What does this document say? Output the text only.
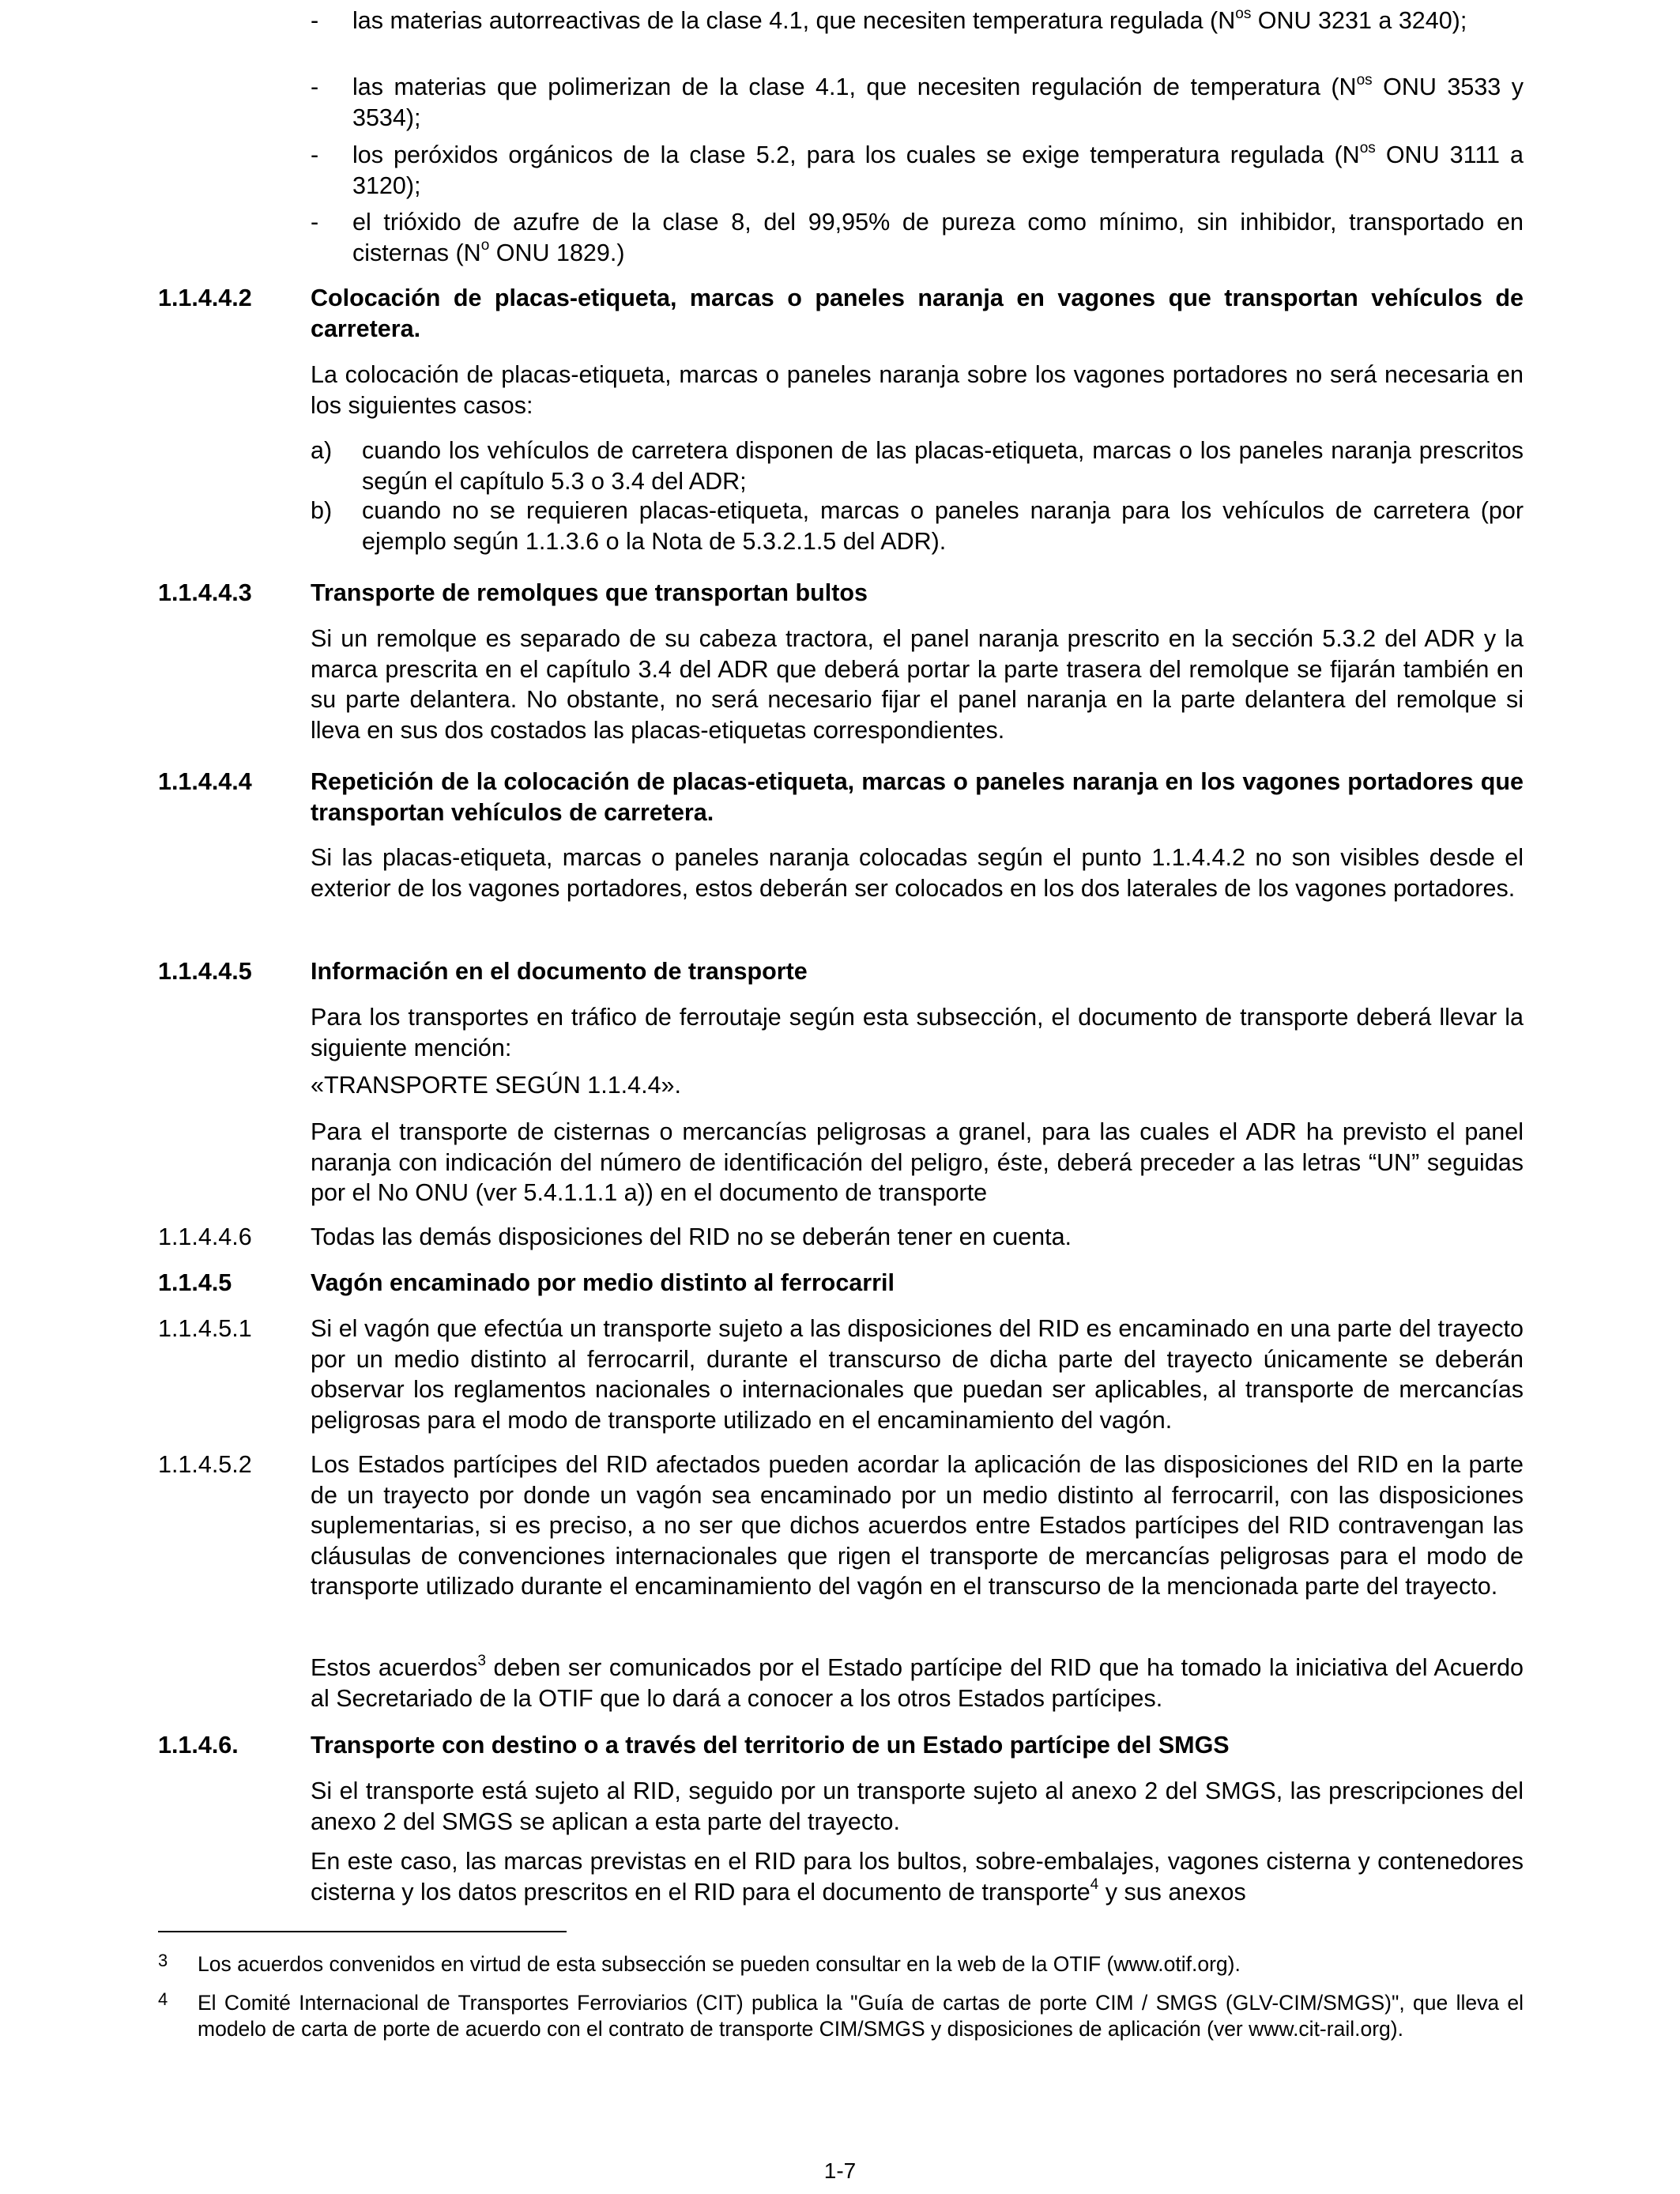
- las materias autorreactivas de la clase 4.1, que necesiten temperatura regulada ($N^{os}$ ONU 3231 a 3240);
- las materias que polimerizan de la clase 4.1, que necesiten regulación de temperatura ($N^{os}$ ONU 3533 y 3534);
- los peróxidos orgánicos de la clase 5.2, para los cuales se exige temperatura regulada ($N^{os}$ ONU 3111 a 3120);
- el trióxido de azufre de la clase 8, del 99,95% de pureza como mínimo, sin inhibidor, transportado en cisternas ($N^o$ ONU 1829.)
1.1.4.4.2 Colocación de placas-etiqueta, marcas o paneles naranja en vagones que transportan vehículos de carretera.
La colocación de placas-etiqueta, marcas o paneles naranja sobre los vagones portadores no será necesaria en los siguientes casos:
a) cuando los vehículos de carretera disponen de las placas-etiqueta, marcas o los paneles naranja prescritos según el capítulo 5.3 o 3.4 del ADR;
b) cuando no se requieren placas-etiqueta, marcas o paneles naranja para los vehículos de carretera (por ejemplo según 1.1.3.6 o la Nota de 5.3.2.1.5 del ADR).
1.1.4.4.3 Transporte de remolques que transportan bultos
Si un remolque es separado de su cabeza tractora, el panel naranja prescrito en la sección 5.3.2 del ADR y la marca prescrita en el capítulo 3.4 del ADR que deberá portar la parte trasera del remolque se fijarán también en su parte delantera. No obstante, no será necesario fijar el panel naranja en la parte delantera del remolque si lleva en sus dos costados las placas-etiquetas correspondientes.
1.1.4.4.4 Repetición de la colocación de placas-etiqueta, marcas o paneles naranja en los vagones portadores que transportan vehículos de carretera.
Si las placas-etiqueta, marcas o paneles naranja colocadas según el punto 1.1.4.4.2 no son visibles desde el exterior de los vagones portadores, estos deberán ser colocados en los dos laterales de los vagones portadores.
1.1.4.4.5 Información en el documento de transporte
Para los transportes en tráfico de ferroutaje según esta subsección, el documento de transporte deberá llevar la siguiente mención:
«TRANSPORTE SEGÚN 1.1.4.4».
Para el transporte de cisternas o mercancías peligrosas a granel, para las cuales el ADR ha previsto el panel naranja con indicación del número de identificación del peligro, éste, deberá preceder a las letras “UN” seguidas por el No ONU (ver 5.4.1.1.1 a)) en el documento de transporte
1.1.4.4.6 Todas las demás disposiciones del RID no se deberán tener en cuenta.
1.1.4.5	Vagón encaminado por medio distinto al ferrocarril
1.1.4.5.1 Si el vagón que efectúa un transporte sujeto a las disposiciones del RID es encaminado en una parte del trayecto por un medio distinto al ferrocarril, durante el transcurso de dicha parte del trayecto únicamente se deberán observar los reglamentos nacionales o internacionales que puedan ser aplicables, al transporte de mercancías peligrosas para el modo de transporte utilizado en el encaminamiento del vagón.
1.1.4.5.2 Los Estados partícipes del RID afectados pueden acordar la aplicación de las disposiciones del RID en la parte de un trayecto por donde un vagón sea encaminado por un medio distinto al ferrocarril, con las disposiciones suplementarias, si es preciso, a no ser que dichos acuerdos entre Estados partícipes del RID contravengan las cláusulas de convenciones internacionales que rigen el transporte de mercancías peligrosas para el modo de transporte utilizado durante el encaminamiento del vagón en el transcurso de la mencionada parte del trayecto.
Estos acuerdos$^3$ deben ser comunicados por el Estado partícipe del RID que ha tomado la iniciativa del Acuerdo al Secretariado de la OTIF que lo dará a conocer a los otros Estados partícipes.
1.1.4.6.	Transporte con destino o a través del territorio de un Estado partícipe del SMGS
Si el transporte está sujeto al RID, seguido por un transporte sujeto al anexo 2 del SMGS, las prescripciones del anexo 2 del SMGS se aplican a esta parte del trayecto.
En este caso, las marcas previstas en el RID para los bultos, sobre-embalajes, vagones cisterna y contenedores cisterna y los datos prescritos en el RID para el documento de transporte$^4$ y sus anexos
3 Los acuerdos convenidos en virtud de esta subsección se pueden consultar en la web de la OTIF (www.otif.org).
4 El Comité Internacional de Transportes Ferroviarios (CIT) publica la "Guía de cartas de porte CIM / SMGS (GLV-CIM/SMGS)", que lleva el modelo de carta de porte de acuerdo con el contrato de transporte CIM/SMGS y disposiciones de aplicación (ver www.cit-rail.org).
1-7
